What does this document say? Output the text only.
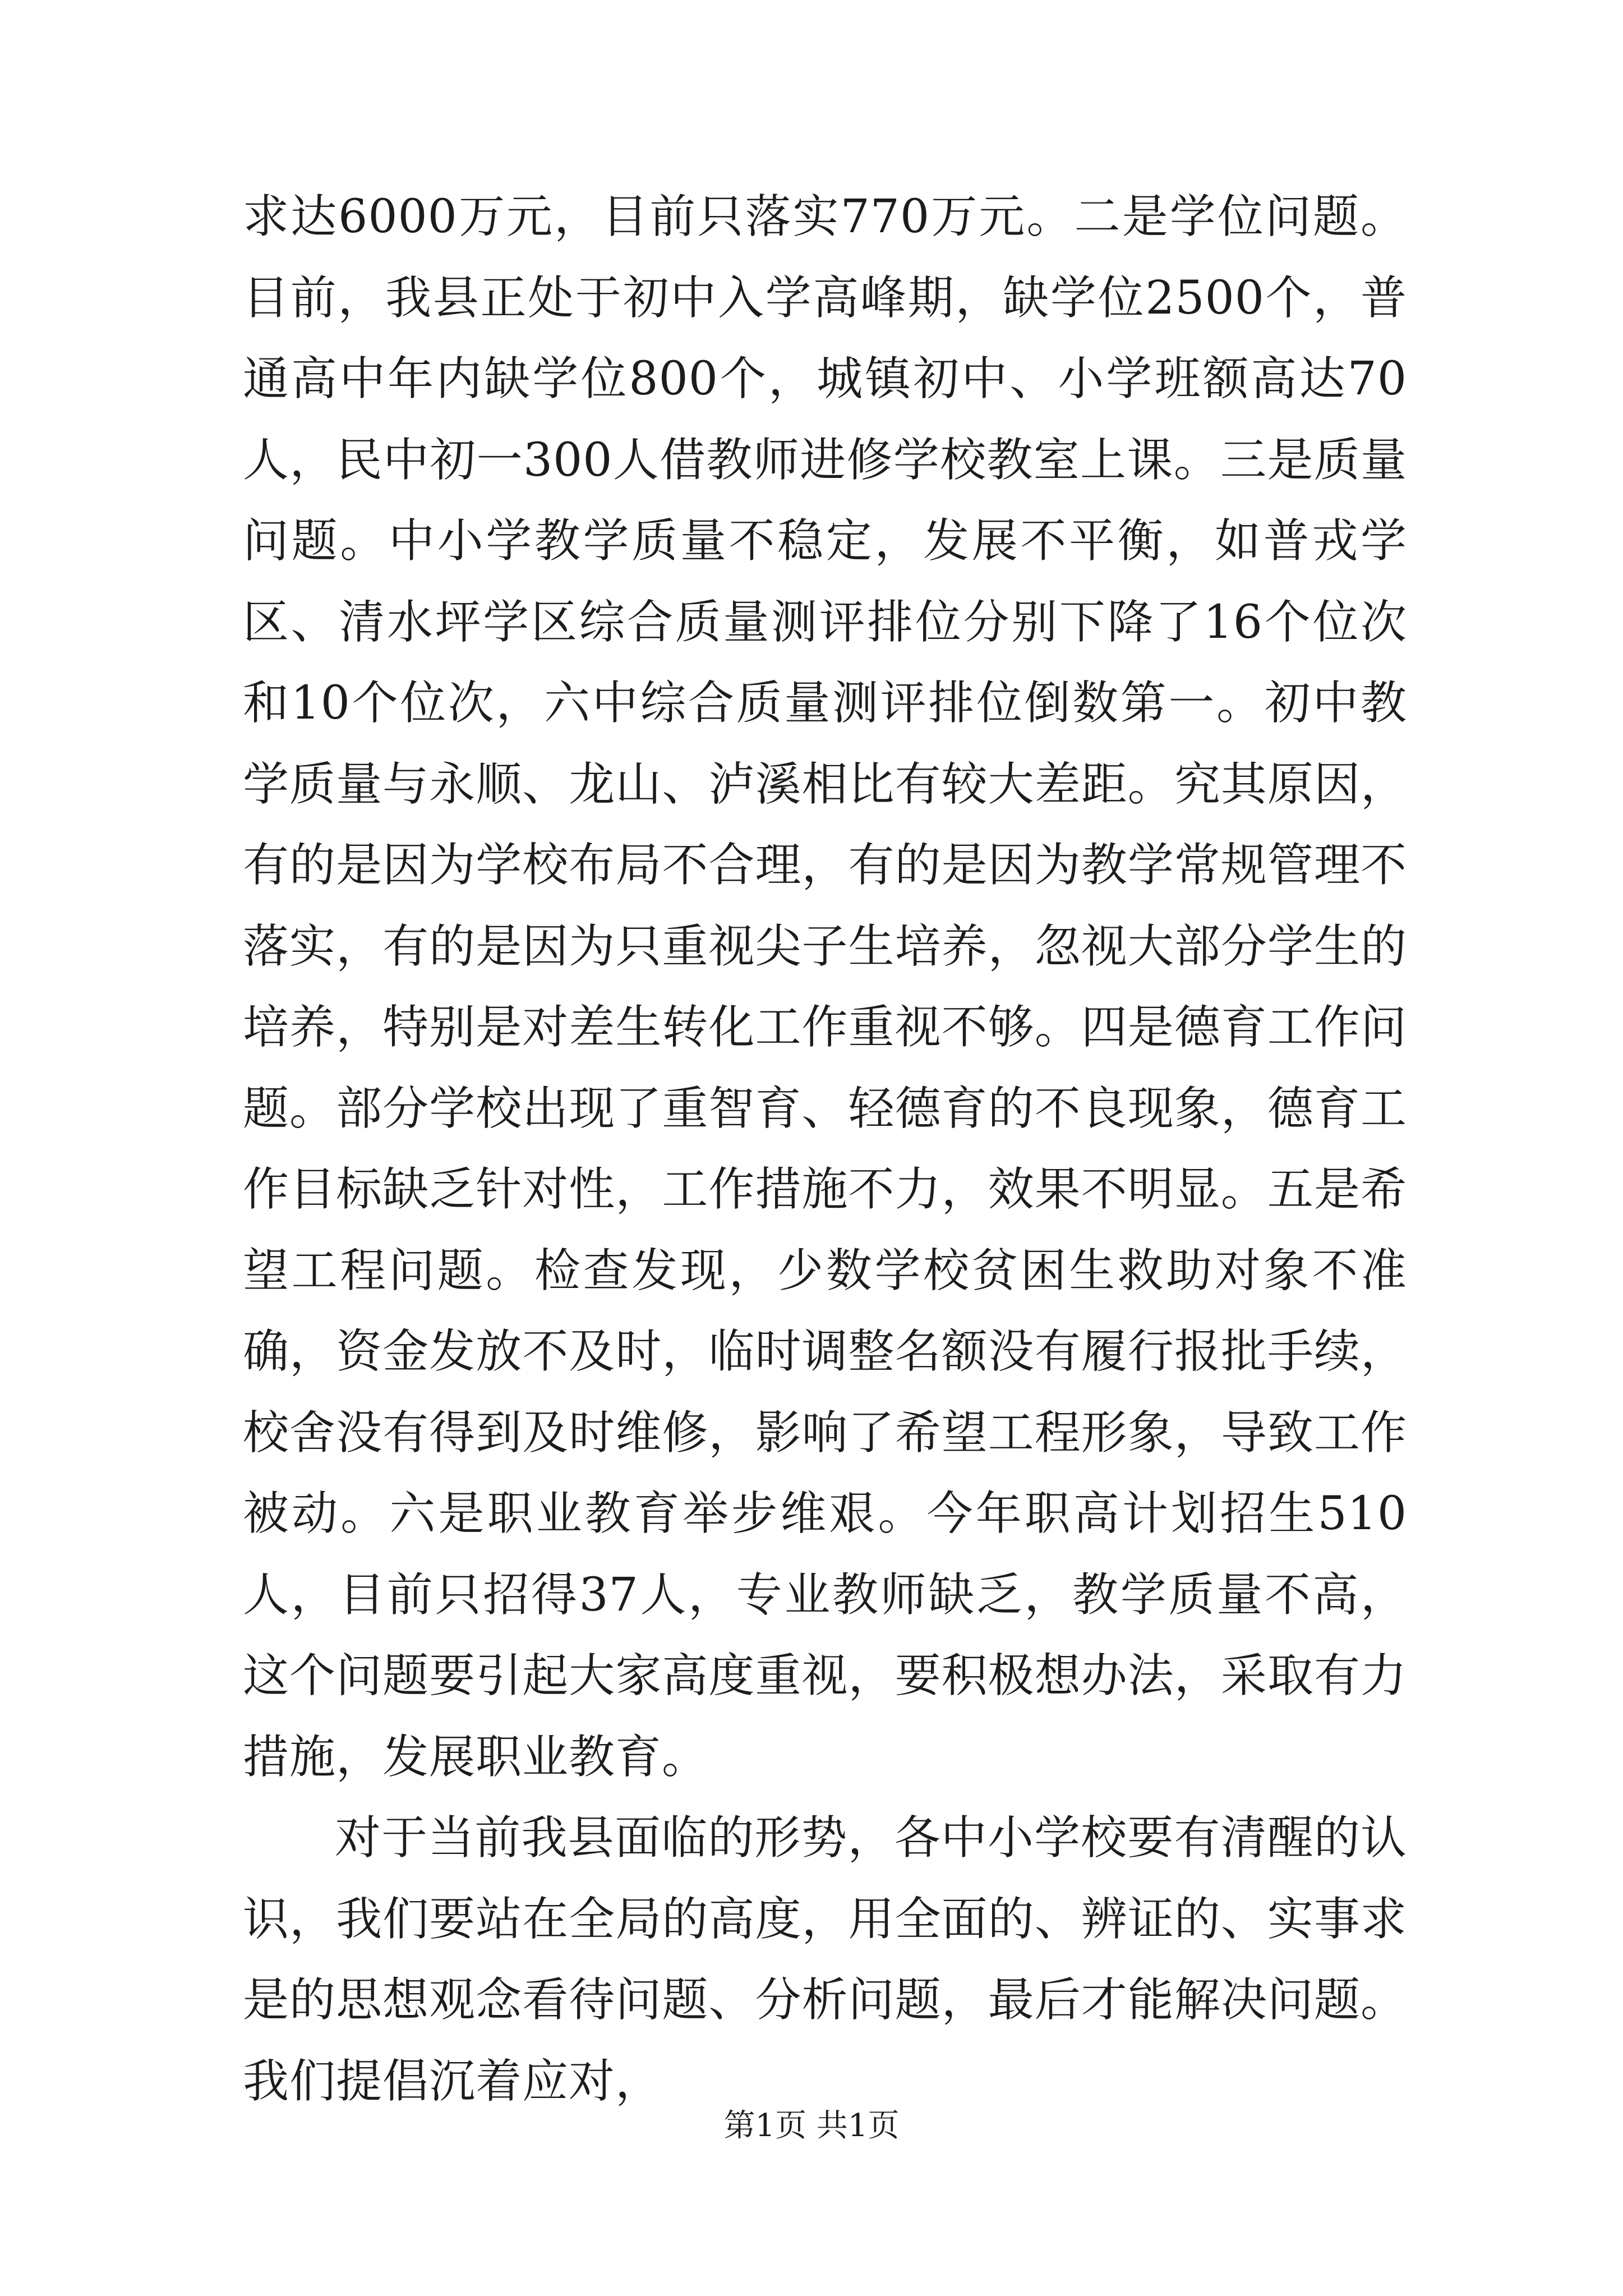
求达6000万元，目前只落实770万元。二是学位问题。目前，我县正处于初中入学高峰期，缺学位2500个，普通高中年内缺学位800个，城镇初中、小学班额高达70人，民中初一300人借教师进修学校教室上课。三是质量问题。中小学教学质量不稳定，发展不平衡，如普戎学区、清水坪学区综合质量测评排位分别下降了16个位次和10个位次，六中综合质量测评排位倒数第一。初中教学质量与永顺、龙山、泸溪相比有较大差距。究其原因，有的是因为学校布局不合理，有的是因为教学常规管理不落实，有的是因为只重视尖子生培养，忽视大部分学生的培养，特别是对差生转化工作重视不够。四是德育工作问题。部分学校出现了重智育、轻德育的不良现象，德育工作目标缺乏针对性，工作措施不力，效果不明显。五是希望工程问题。检查发现，少数学校贫困生救助对象不准确，资金发放不及时，临时调整名额没有履行报批手续，校舍没有得到及时维修，影响了希望工程形象，导致工作被动。六是职业教育举步维艰。今年职高计划招生510人，目前只招得37人，专业教师缺乏，教学质量不高，这个问题要引起大家高度重视，要积极想办法，采取有力措施，发展职业教育。

对于当前我县面临的形势，各中小学校要有清醒的认识，我们要站在全局的高度，用全面的、辨证的、实事求是的思想观念看待问题、分析问题，最后才能解决问题。我们提倡沉着应对，

第1页 共1页
